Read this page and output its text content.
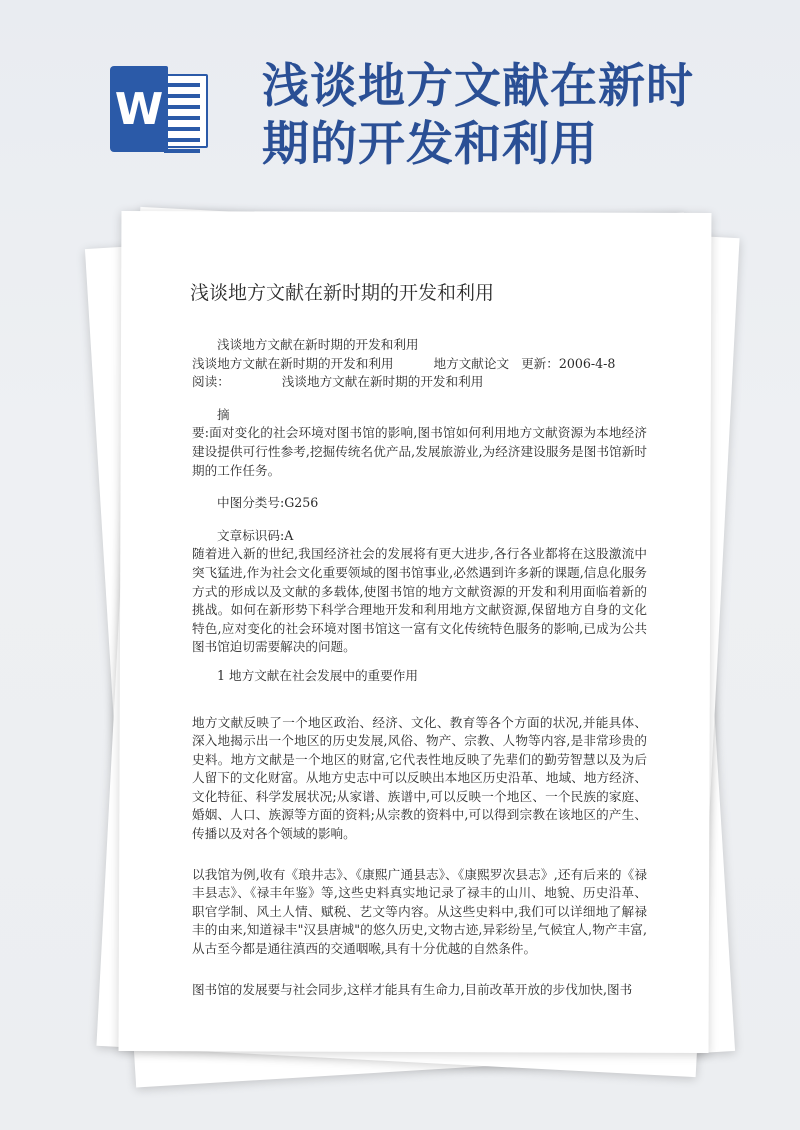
W 浅谈地方文献在新时期的开发和利用
浅谈地方文献在新时期的开发和利用

浅谈地方文献在新时期的开发和利用

浅谈地方文献在新时期的开发和利用	地方文献论文 更新：2006-4-8

阅读：	浅谈地方文献在新时期的开发和利用

摘

要:面对变化的社会环境对图书馆的影响,图书馆如何利用地方文献资源为本地经济建设提供可行性参考,挖掘传统名优产品,发展旅游业,为经济建设服务是图书馆新时期的工作任务。

中图分类号:G256

文章标识码:A

随着进入新的世纪,我国经济社会的发展将有更大进步,各行各业都将在这股激流中突飞猛进,作为社会文化重要领域的图书馆事业,必然遇到许多新的课题,信息化服务方式的形成以及文献的多载体,使图书馆的地方文献资源的开发和利用面临着新的挑战。如何在新形势下科学合理地开发和利用地方文献资源,保留地方自身的文化特色,应对变化的社会环境对图书馆这一富有文化传统特色服务的影响,已成为公共图书馆迫切需要解决的问题。

1 地方文献在社会发展中的重要作用

地方文献反映了一个地区政治、经济、文化、教育等各个方面的状况,并能具体、深入地揭示出一个地区的历史发展,风俗、物产、宗教、人物等内容,是非常珍贵的史料。地方文献是一个地区的财富,它代表性地反映了先辈们的勤劳智慧以及为后人留下的文化财富。从地方史志中可以反映出本地区历史沿革、地域、地方经济、文化特征、科学发展状况;从家谱、族谱中,可以反映一个地区、一个民族的家庭、婚姻、人口、族源等方面的资料;从宗教的资料中,可以得到宗教在该地区的产生、传播以及对各个领域的影响。

以我馆为例,收有《琅井志》、《康熙广通县志》、《康熙罗次县志》,还有后来的《禄丰县志》、《禄丰年鉴》等,这些史料真实地记录了禄丰的山川、地貌、历史沿革、职官学制、风土人情、赋税、艺文等内容。从这些史料中,我们可以详细地了解禄丰的由来,知道禄丰"汉县唐城"的悠久历史,文物古迹,异彩纷呈,气候宜人,物产丰富,从古至今都是通往滇西的交通咽喉,具有十分优越的自然条件。

图书馆的发展要与社会同步,这样才能具有生命力,目前改革开放的步伐加快,图书
